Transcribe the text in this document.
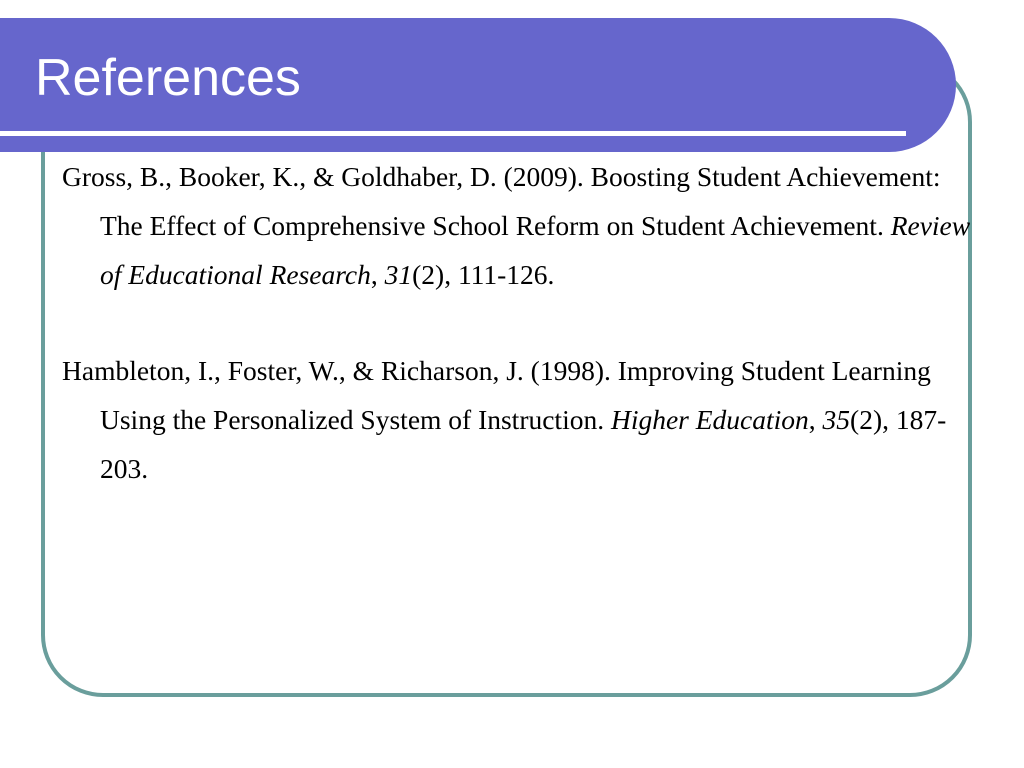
References
Gross, B., Booker, K., & Goldhaber, D. (2009). Boosting Student Achievement: The Effect of Comprehensive School Reform on Student Achievement. Review of Educational Research, 31(2), 111-126.
Hambleton, I., Foster, W., & Richarson, J. (1998). Improving Student Learning Using the Personalized System of Instruction. Higher Education, 35(2), 187-203.
